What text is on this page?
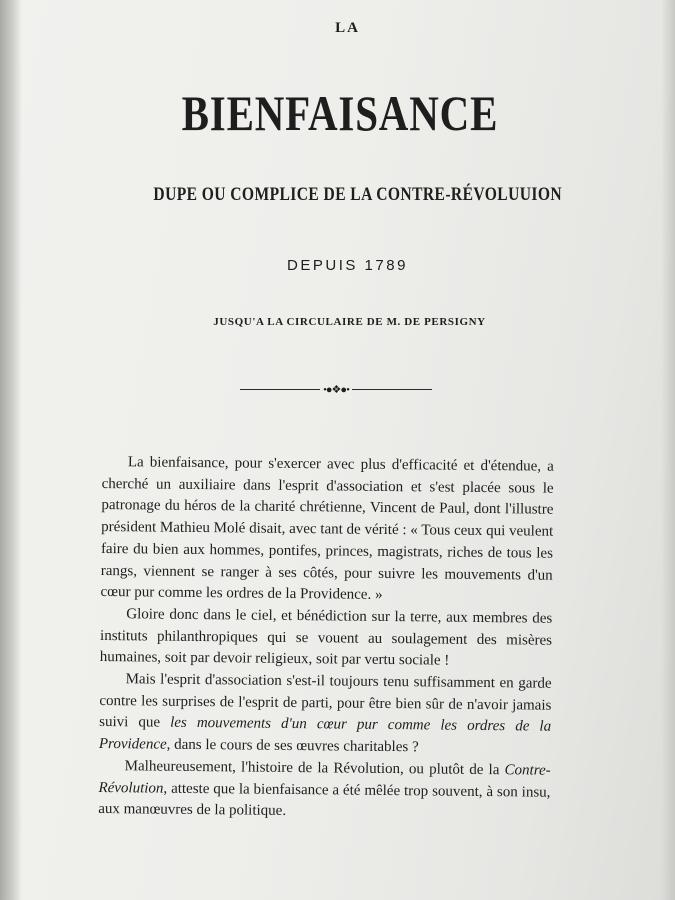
LA
BIENFAISANCE
DUPE OU COMPLICE DE LA CONTRE-RÉVOLUUION
DEPUIS 1789
JUSQU'A LA CIRCULAIRE DE M. DE PERSIGNY
•●❖●•

La bienfaisance, pour s'exercer avec plus d'efficacité et d'étendue, a cherché un auxiliaire dans l'esprit d'association et s'est placée sous le patronage du héros de la charité chrétienne, Vincent de Paul, dont l'illustre président Mathieu Molé disait, avec tant de vérité : « Tous ceux qui veulent faire du bien aux hommes, pontifes, princes, magistrats, riches de tous les rangs, viennent se ranger à ses côtés, pour suivre les mouvements d'un cœur pur comme les ordres de la Providence. »

Gloire donc dans le ciel, et bénédiction sur la terre, aux membres des instituts philanthropiques qui se vouent au soulagement des misères humaines, soit par devoir religieux, soit par vertu sociale !

Mais l'esprit d'association s'est-il toujours tenu suffisamment en garde contre les surprises de l'esprit de parti, pour être bien sûr de n'avoir jamais suivi que les mouvements d'un cœur pur comme les ordres de la Providence, dans le cours de ses œuvres charitables ?

Malheureusement, l'histoire de la Révolution, ou plutôt de la Contre-Révolution, atteste que la bienfaisance a été mêlée trop souvent, à son insu, aux manœuvres de la politique.
